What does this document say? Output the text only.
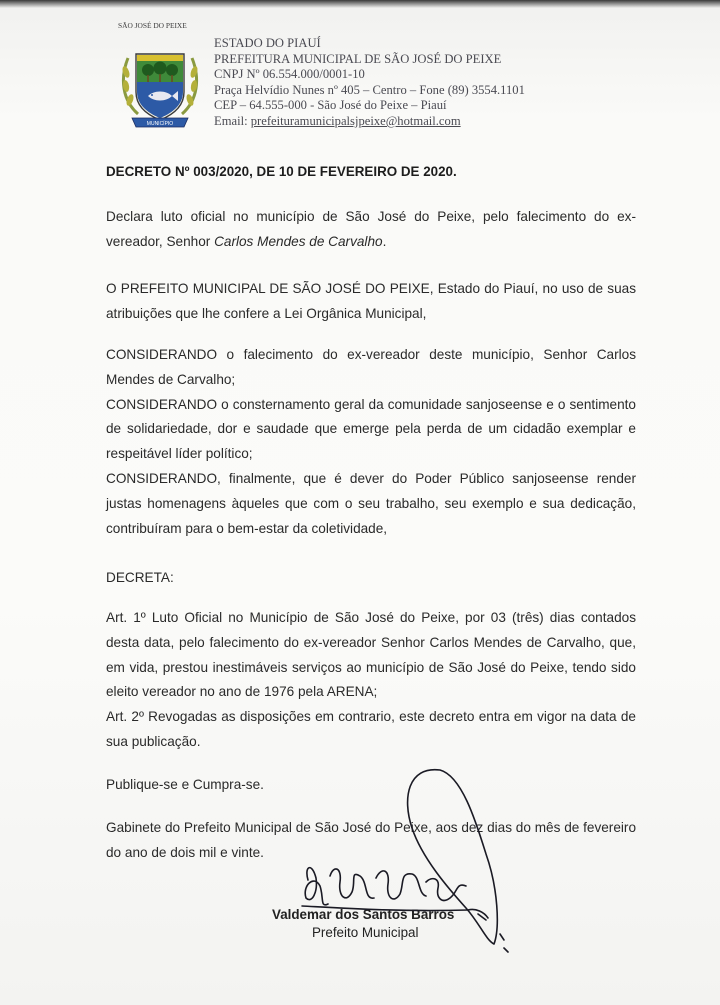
SÃO JOSÉ DO PEIXE
MUNICÍPIO
ESTADO DO PIAUÍ
PREFEITURA MUNICIPAL DE SÃO JOSÉ DO PEIXE
CNPJ Nº 06.554.000/0001-10
Praça Helvídio Nunes nº 405 – Centro – Fone (89) 3554.1101
CEP – 64.555-000 - São José do Peixe – Piauí
Email: prefeituramunicipalsjpeixe@hotmail.com
DECRETO Nº 003/2020, DE 10 DE FEVEREIRO DE 2020.

Declara luto oficial no município de São José do Peixe, pelo falecimento do ex-vereador, Senhor Carlos Mendes de Carvalho.

O PREFEITO MUNICIPAL DE SÃO JOSÉ DO PEIXE, Estado do Piauí, no uso de suas atribuições que lhe confere a Lei Orgânica Municipal,

CONSIDERANDO o falecimento do ex-vereador deste município, Senhor Carlos Mendes de Carvalho;

CONSIDERANDO o consternamento geral da comunidade sanjoseense e o sentimento de solidariedade, dor e saudade que emerge pela perda de um cidadão exemplar e respeitável líder político;

CONSIDERANDO, finalmente, que é dever do Poder Público sanjoseense render justas homenagens àqueles que com o seu trabalho, seu exemplo e sua dedicação, contribuíram para o bem-estar da coletividade,

DECRETA:

Art. 1º Luto Oficial no Município de São José do Peixe, por 03 (três) dias contados desta data, pelo falecimento do ex-vereador Senhor Carlos Mendes de Carvalho, que, em vida, prestou inestimáveis serviços ao município de São José do Peixe, tendo sido eleito vereador no ano de 1976 pela ARENA;

Art. 2º Revogadas as disposições em contrario, este decreto entra em vigor na data de sua publicação.

Publique-se e Cumpra-se.

Gabinete do Prefeito Municipal de São José do Peixe, aos dez dias do mês de fevereiro do ano de dois mil e vinte.

Valdemar dos Santos Barros
Prefeito Municipal
